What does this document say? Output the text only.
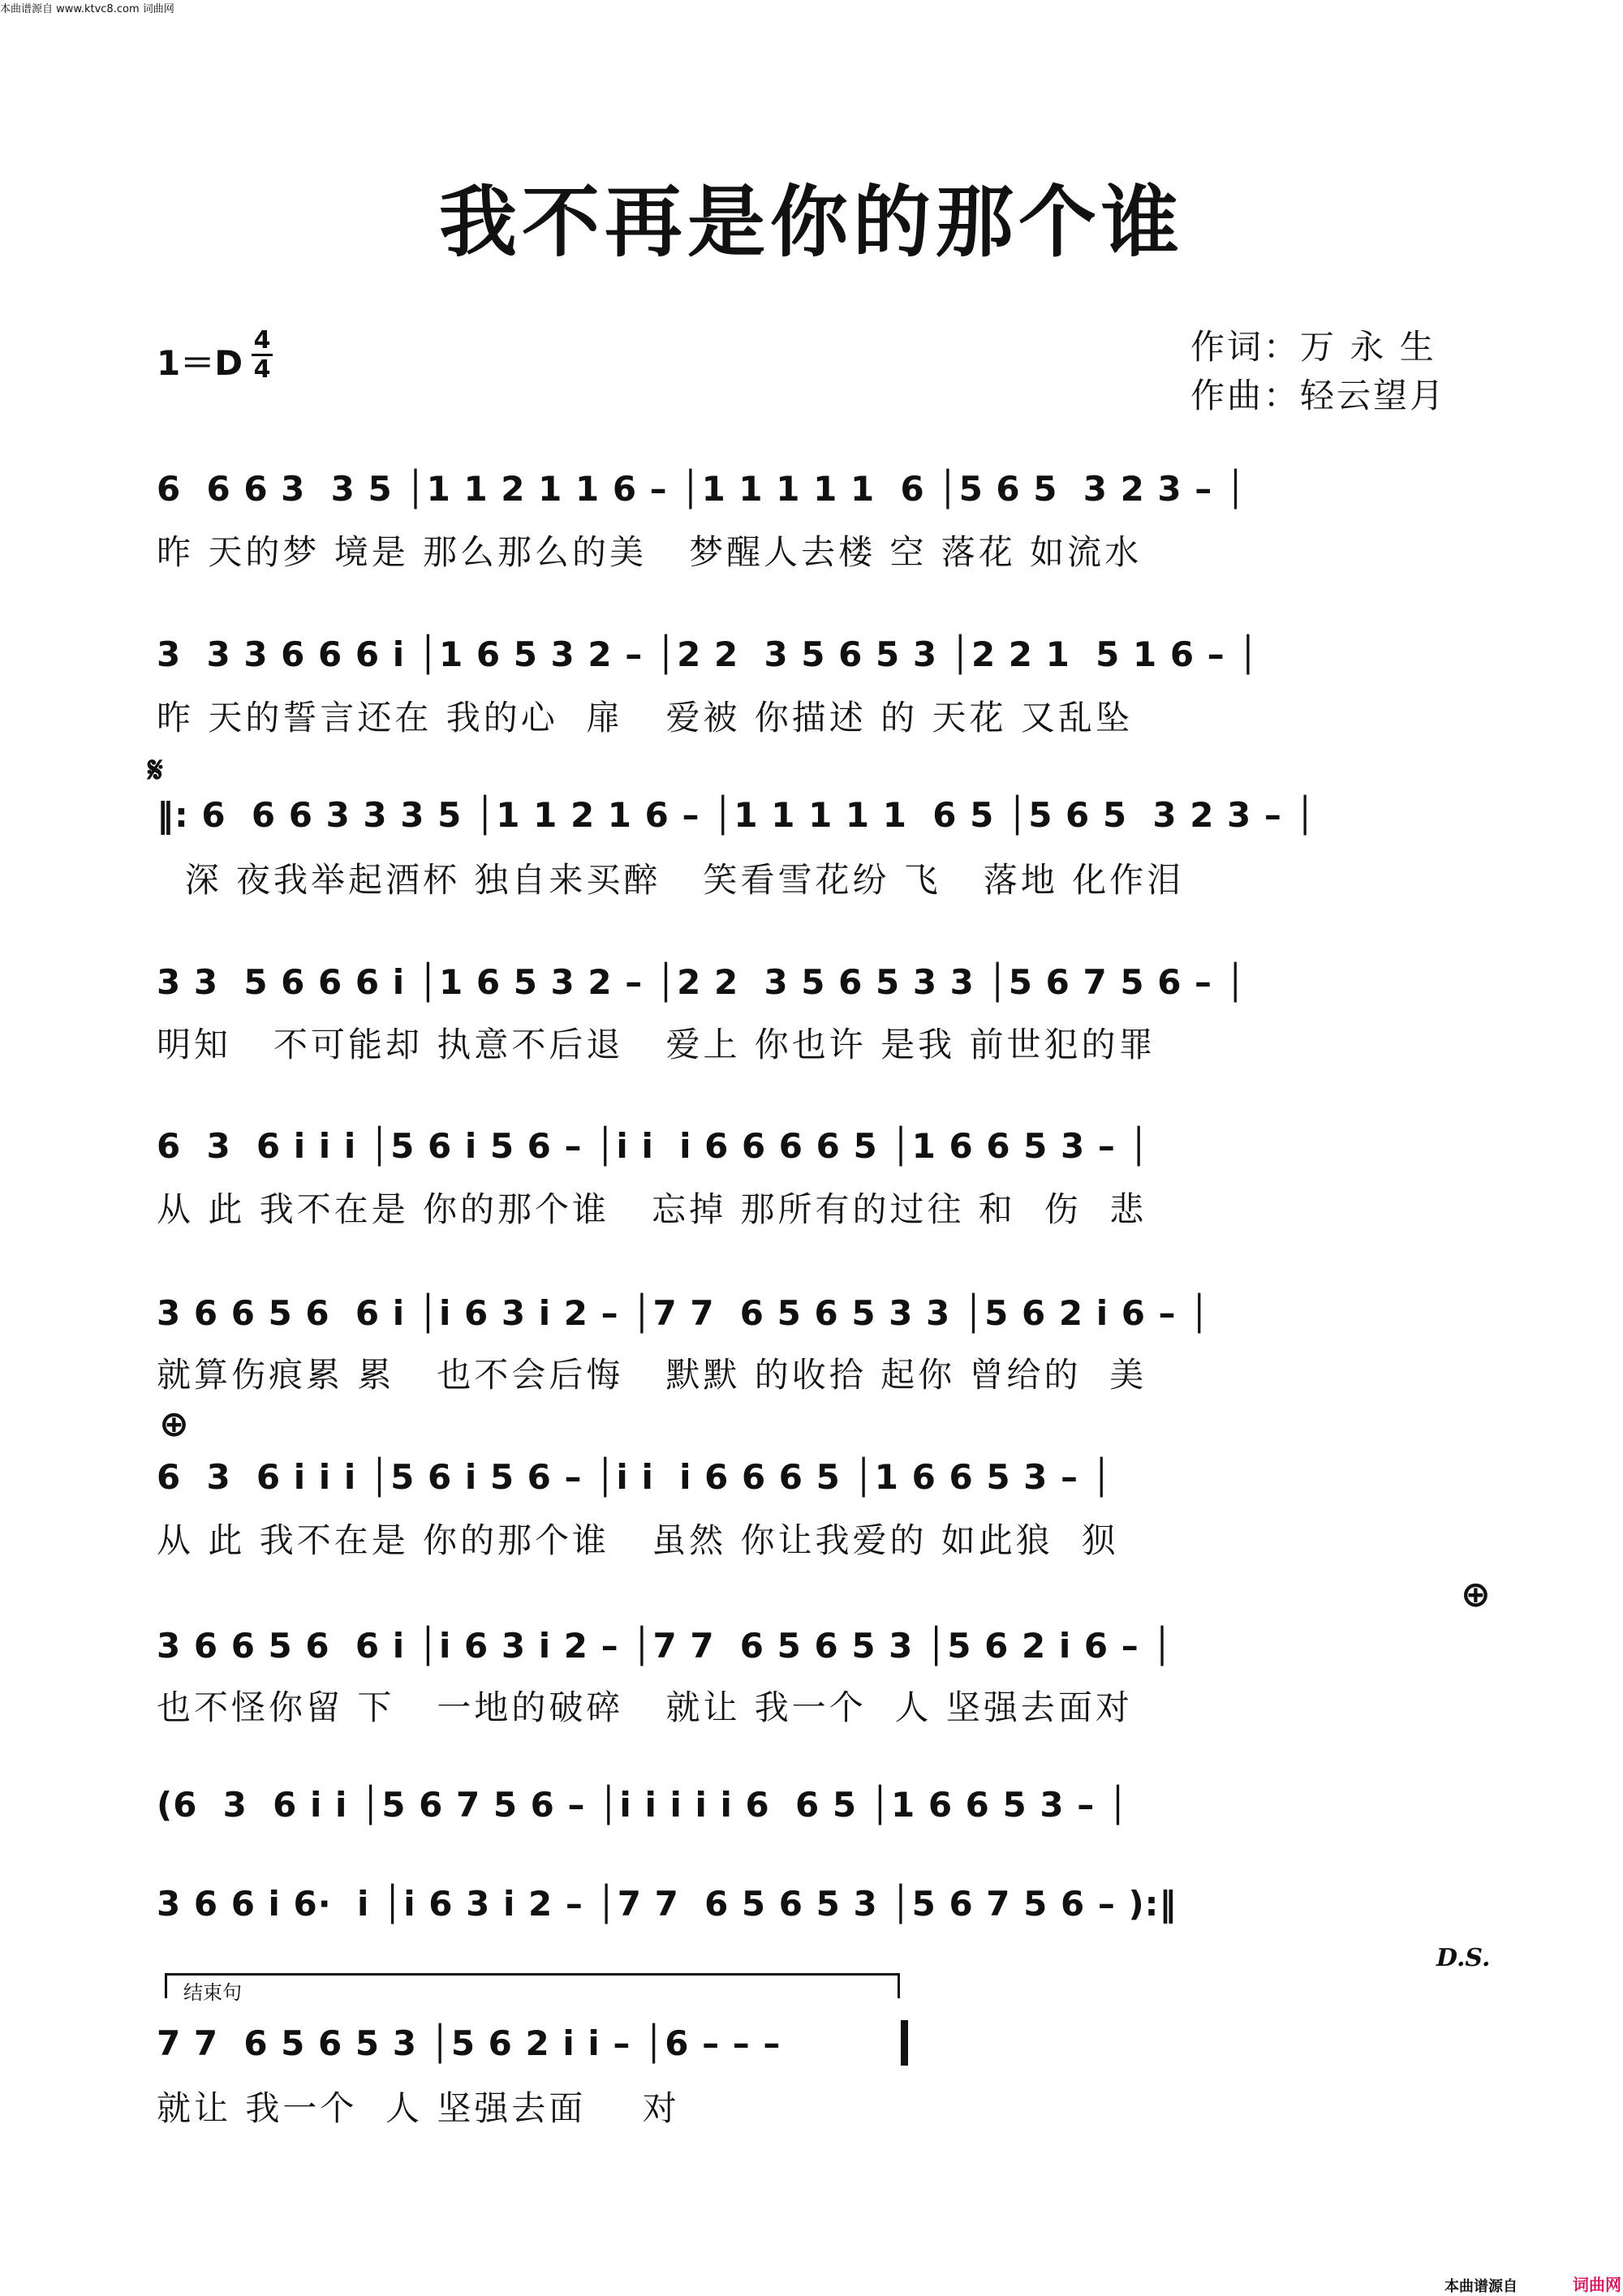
本曲谱源自 www.ktvc8.com 词曲网
我不再是你的那个谁
1＝D
4
4
作词：万 永 生
作曲：轻云望月
6  6 6 3  3 5 │1 1 2 1 1 6 – │1 1 1 1 1  6 │5 6 5  3 2 3 – │
昨 天的梦 境是 那么那么的美   梦醒人去楼 空 落花 如流水
3  3 3 6 6 6 i │1 6 5 3 2 – │2 2  3 5 6 5 3 │2 2 1  5 1 6 – │
昨 天的誓言还在 我的心  扉   爱被 你描述 的 天花 又乱坠
𝄋
‖: 6  6 6 3 3 3 5 │1 1 2 1 6 – │1 1 1 1 1  6 5 │5 6 5  3 2 3 – │
深 夜我举起酒杯 独自来买醉   笑看雪花纷 飞   落地 化作泪
3 3  5 6 6 6 i │1 6 5 3 2 – │2 2  3 5 6 5 3 3 │5 6 7 5 6 – │
明知   不可能却 执意不后退   爱上 你也许 是我 前世犯的罪
6  3  6 i i i │5 6 i 5 6 – │i i  i 6 6 6 6 5 │1 6 6 5 3 – │
从 此 我不在是 你的那个谁   忘掉 那所有的过往 和  伤  悲
3 6 6 5 6  6 i │i 6 3 i 2 – │7 7  6 5 6 5 3 3 │5 6 2 i 6 – │
就算伤痕累 累   也不会后悔   默默 的收拾 起你 曾给的  美
⊕
6  3  6 i i i │5 6 i 5 6 – │i i  i 6 6 6 5 │1 6 6 5 3 – │
从 此 我不在是 你的那个谁   虽然 你让我爱的 如此狼  狈
⊕
3 6 6 5 6  6 i │i 6 3 i 2 – │7 7  6 5 6 5 3 │5 6 2 i 6 – │
也不怪你留 下   一地的破碎   就让 我一个  人 坚强去面对
(6  3  6 i i │5 6 7 5 6 – │i i i i i 6  6 5 │1 6 6 5 3 – │
3 6 6 i 6·  i │i 6 3 i 2 – │7 7  6 5 6 5 3 │5 6 7 5 6 – ):‖
D.S.
结束句
7 7  6 5 6 5 3 │5 6 2 i i – │6 – – –
就让 我一个  人 坚强去面    对
本曲谱源自	词曲网
